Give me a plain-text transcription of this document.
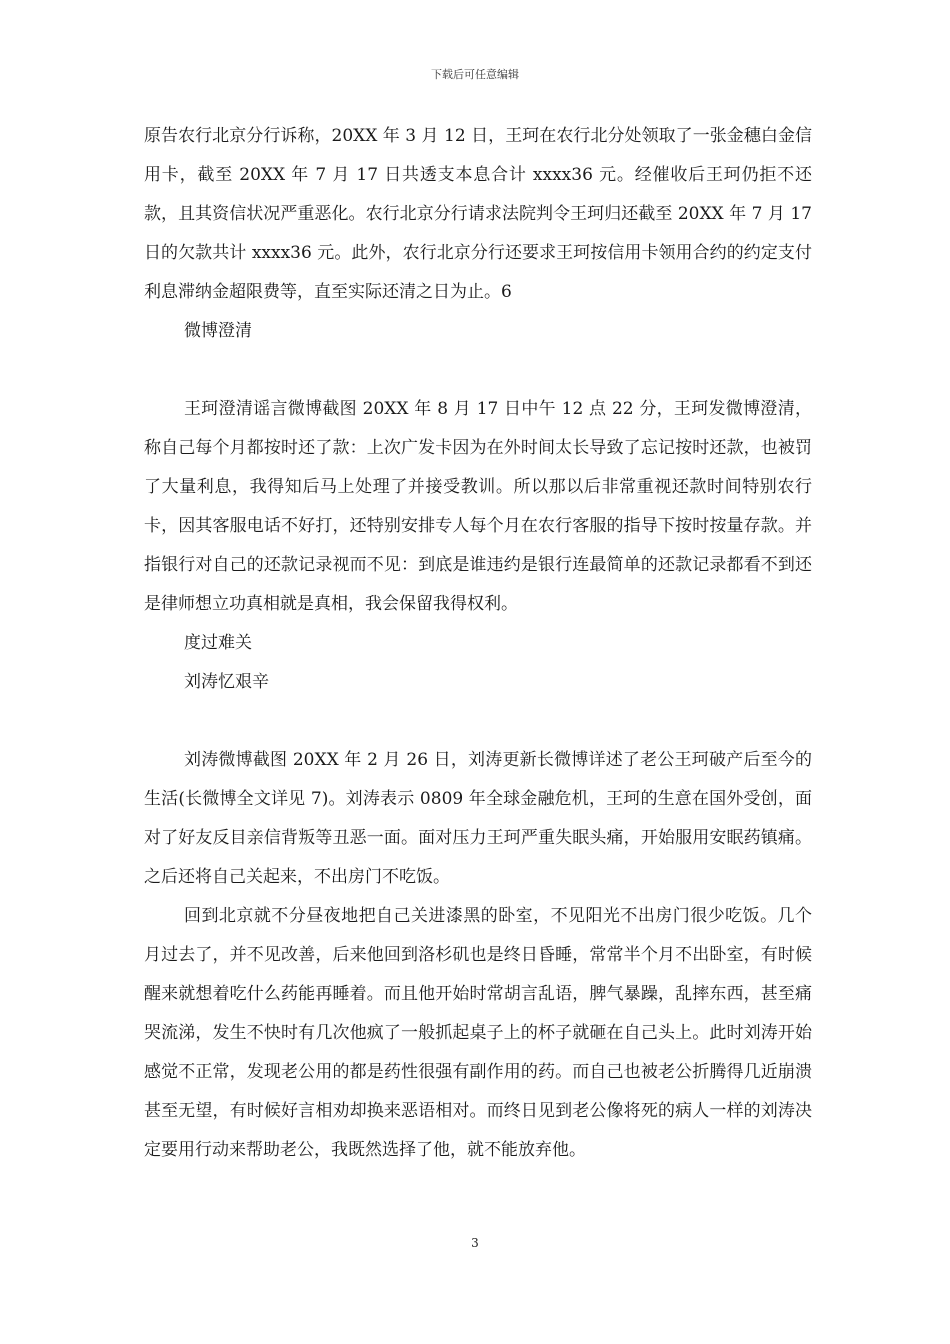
下载后可任意编辑

原告农行北京分行诉称，20XX 年 3 月 12 日，王珂在农行北分处领取了一张金穗白金信用卡，截至 20XX 年 7 月 17 日共透支本息合计 xxxx36 元。经催收后王珂仍拒不还款，且其资信状况严重恶化。农行北京分行请求法院判令王珂归还截至 20XX 年 7 月 17 日的欠款共计 xxxx36 元。此外，农行北京分行还要求王珂按信用卡领用合约的约定支付利息滞纳金超限费等，直至实际还清之日为止。6

微博澄清

王珂澄清谣言微博截图 20XX 年 8 月 17 日中午 12 点 22 分，王珂发微博澄清，称自己每个月都按时还了款：上次广发卡因为在外时间太长导致了忘记按时还款，也被罚了大量利息，我得知后马上处理了并接受教训。所以那以后非常重视还款时间特别农行卡，因其客服电话不好打，还特别安排专人每个月在农行客服的指导下按时按量存款。并指银行对自己的还款记录视而不见：到底是谁违约是银行连最简单的还款记录都看不到还是律师想立功真相就是真相，我会保留我得权利。

度过难关

刘涛忆艰辛

刘涛微博截图 20XX 年 2 月 26 日，刘涛更新长微博详述了老公王珂破产后至今的生活(长微博全文详见 7)。刘涛表示 0809 年全球金融危机，王珂的生意在国外受创，面对了好友反目亲信背叛等丑恶一面。面对压力王珂严重失眠头痛，开始服用安眠药镇痛。之后还将自己关起来，不出房门不吃饭。

回到北京就不分昼夜地把自己关进漆黑的卧室，不见阳光不出房门很少吃饭。几个月过去了，并不见改善，后来他回到洛杉矶也是终日昏睡，常常半个月不出卧室，有时候醒来就想着吃什么药能再睡着。而且他开始时常胡言乱语，脾气暴躁，乱摔东西，甚至痛哭流涕，发生不快时有几次他疯了一般抓起桌子上的杯子就砸在自己头上。此时刘涛开始感觉不正常，发现老公用的都是药性很强有副作用的药。而自己也被老公折腾得几近崩溃甚至无望，有时候好言相劝却换来恶语相对。而终日见到老公像将死的病人一样的刘涛决定要用行动来帮助老公，我既然选择了他，就不能放弃他。

3
